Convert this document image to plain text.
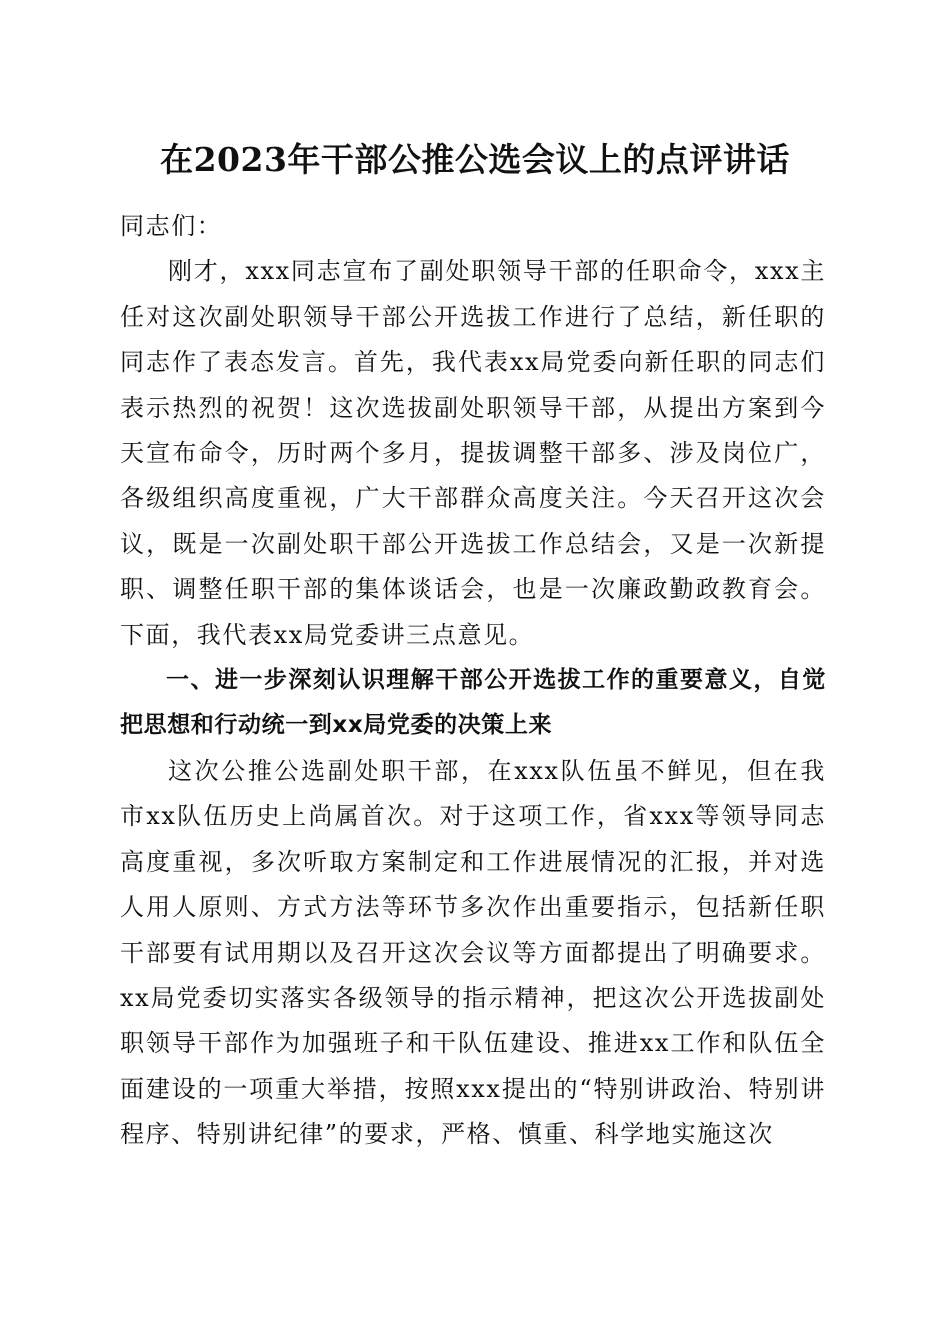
在2023年干部公推公选会议上的点评讲话

同志们：

刚才，xxx同志宣布了副处职领导干部的任职命令，xxx主任对这次副处职领导干部公开选拔工作进行了总结，新任职的同志作了表态发言。首先，我代表xx局党委向新任职的同志们表示热烈的祝贺！这次选拔副处职领导干部，从提出方案到今天宣布命令，历时两个多月，提拔调整干部多、涉及岗位广，各级组织高度重视，广大干部群众高度关注。今天召开这次会议，既是一次副处职干部公开选拔工作总结会，又是一次新提职、调整任职干部的集体谈话会，也是一次廉政勤政教育会。下面，我代表xx局党委讲三点意见。

一、进一步深刻认识理解干部公开选拔工作的重要意义，自觉把思想和行动统一到xx局党委的决策上来

这次公推公选副处职干部，在xxx队伍虽不鲜见，但在我市xx队伍历史上尚属首次。对于这项工作，省xxx等领导同志高度重视，多次听取方案制定和工作进展情况的汇报，并对选人用人原则、方式方法等环节多次作出重要指示，包括新任职干部要有试用期以及召开这次会议等方面都提出了明确要求。xx局党委切实落实各级领导的指示精神，把这次公开选拔副处职领导干部作为加强班子和干队伍建设、推进xx工作和队伍全面建设的一项重大举措，按照xxx提出的“特别讲政治、特别讲程序、特别讲纪律”的要求，严格、慎重、科学地实施这次
